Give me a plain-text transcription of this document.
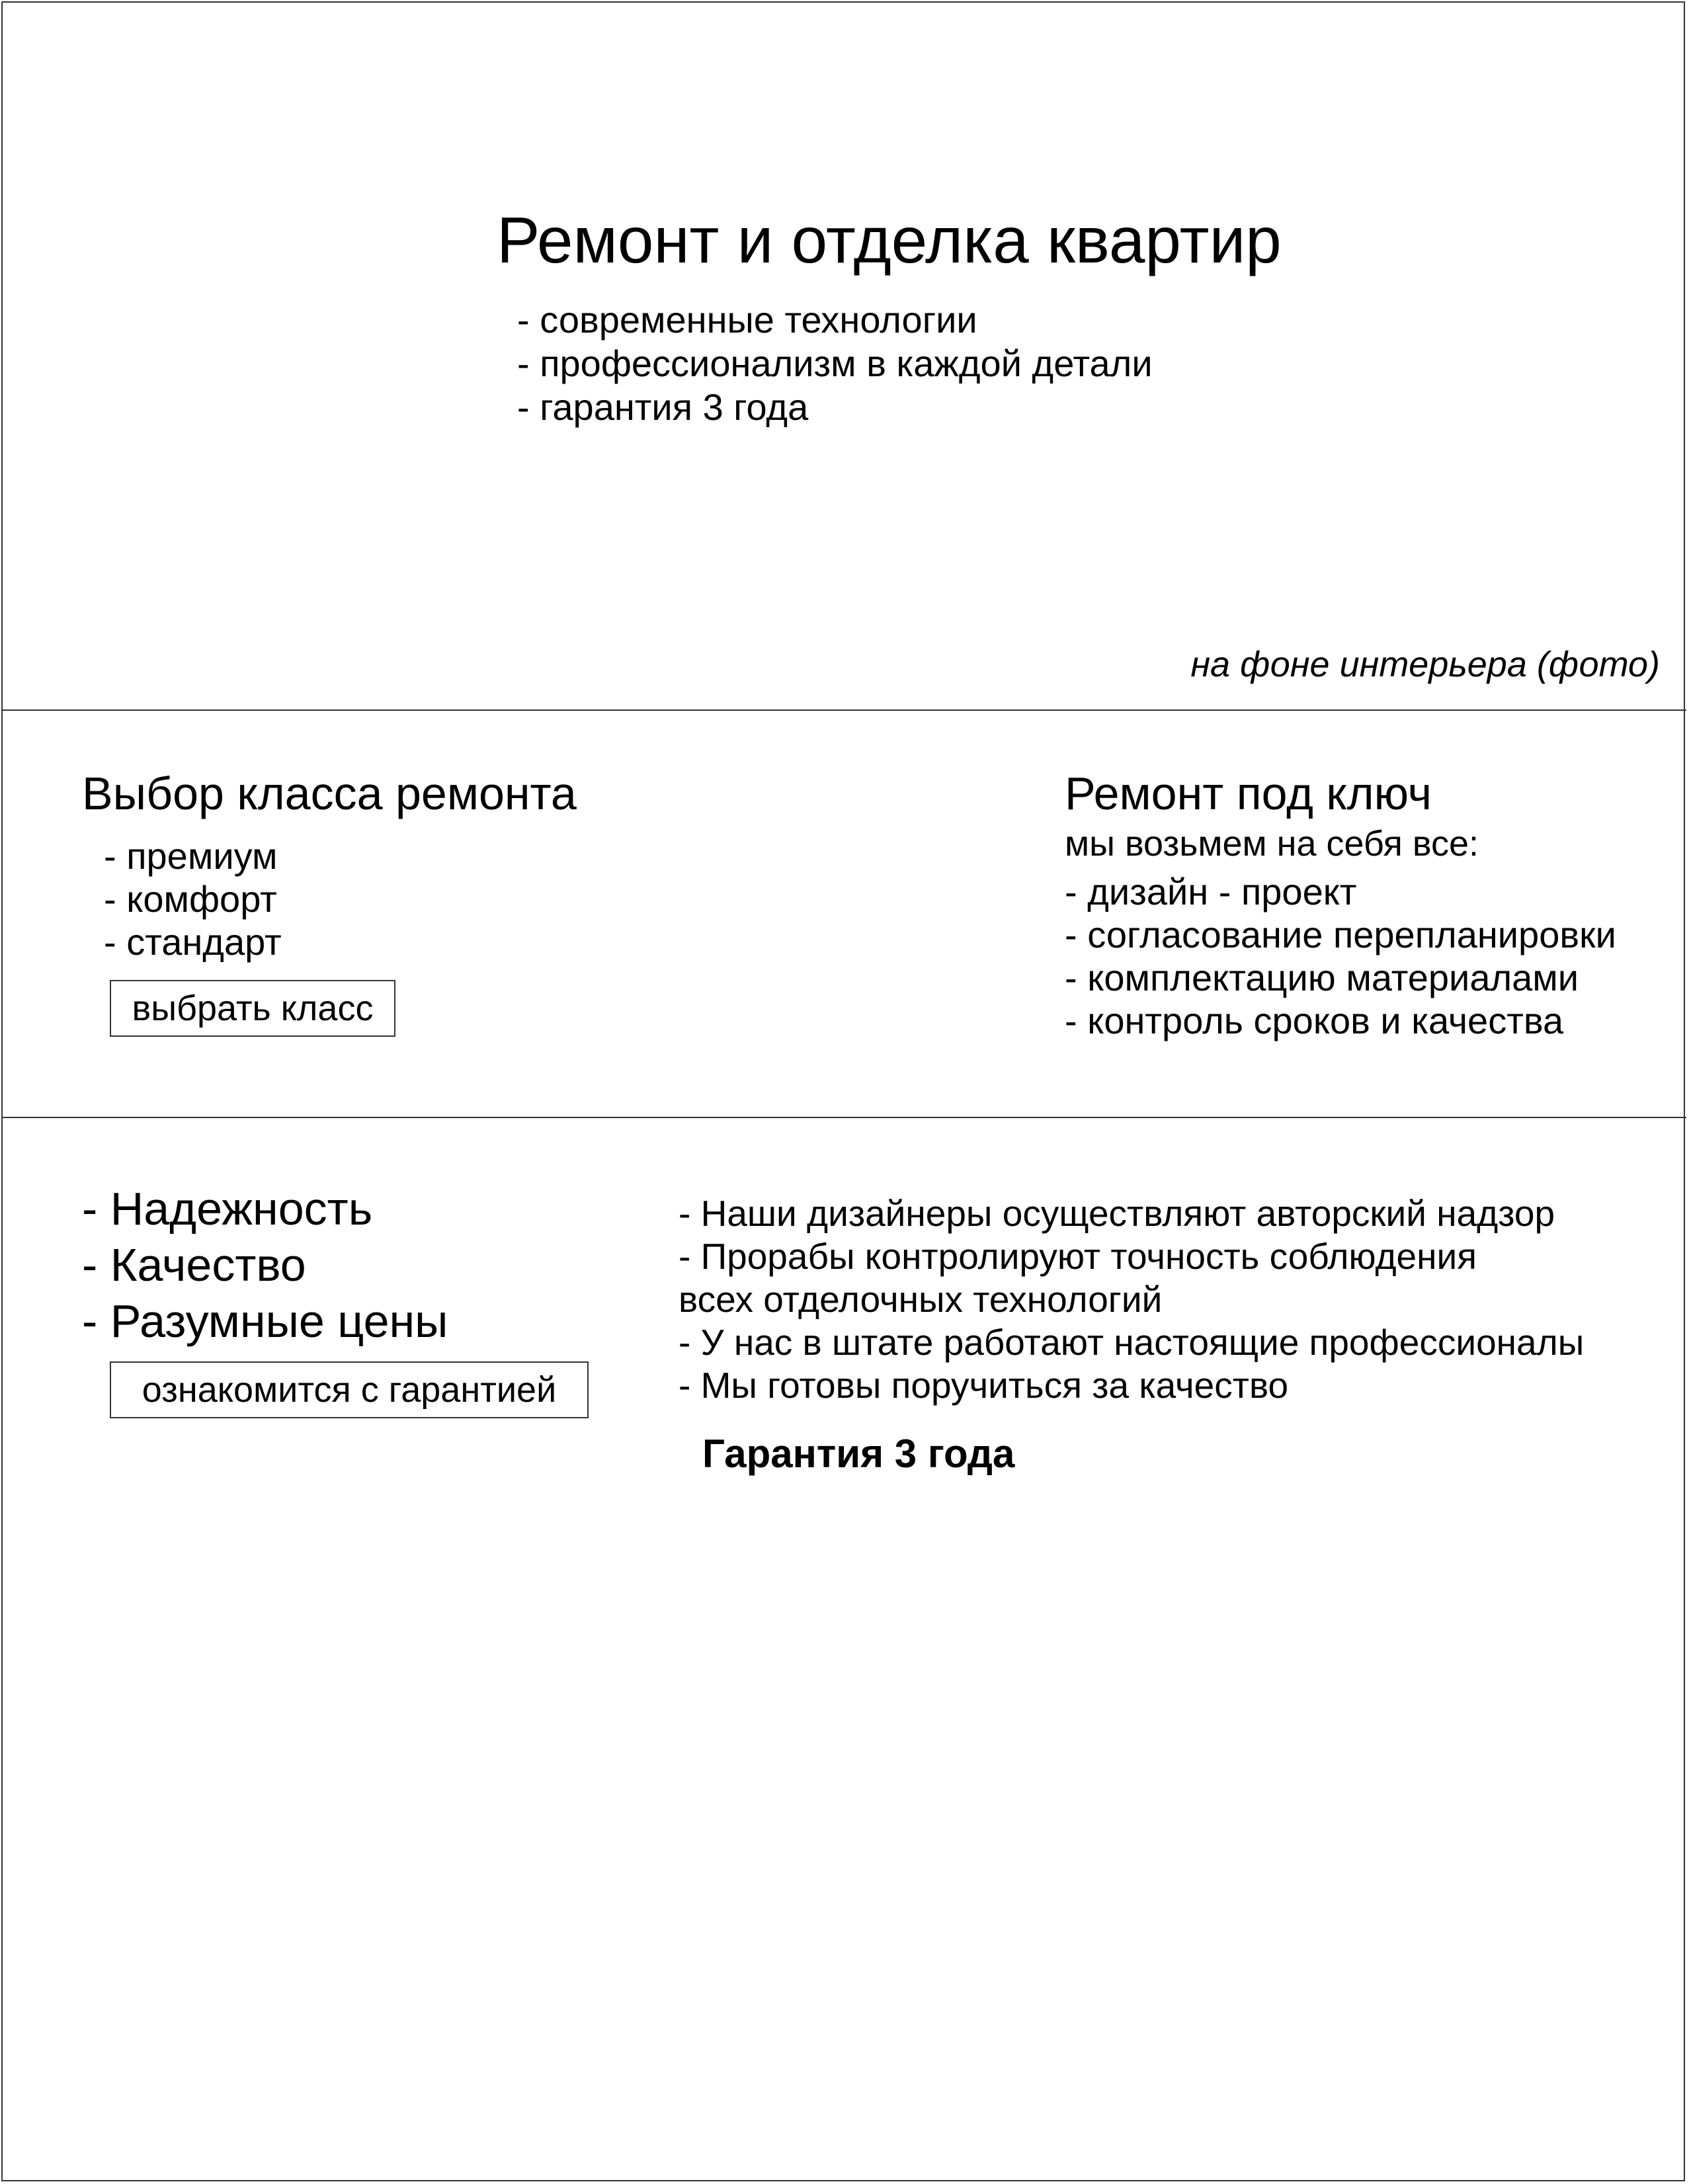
Ремонт и отделка квартир
- современные технологии
- профессионализм в каждой детали
- гарантия 3 года
на фоне интерьера (фото)
Выбор класса ремонта
- премиум
- комфорт
- стандарт
выбрать класс
Ремонт под ключ
мы возьмем на себя все:
- дизайн - проект
- согласование перепланировки
- комплектацию материалами
- контроль сроков и качества
- Надежность
- Качество
- Разумные цены
ознакомится с гарантией
- Наши дизайнеры осуществляют авторский надзор
- Прорабы контролируют точность соблюдения
всех отделочных технологий
- У нас в штате работают настоящие профессионалы
- Мы готовы поручиться за качество
Гарантия 3 года
